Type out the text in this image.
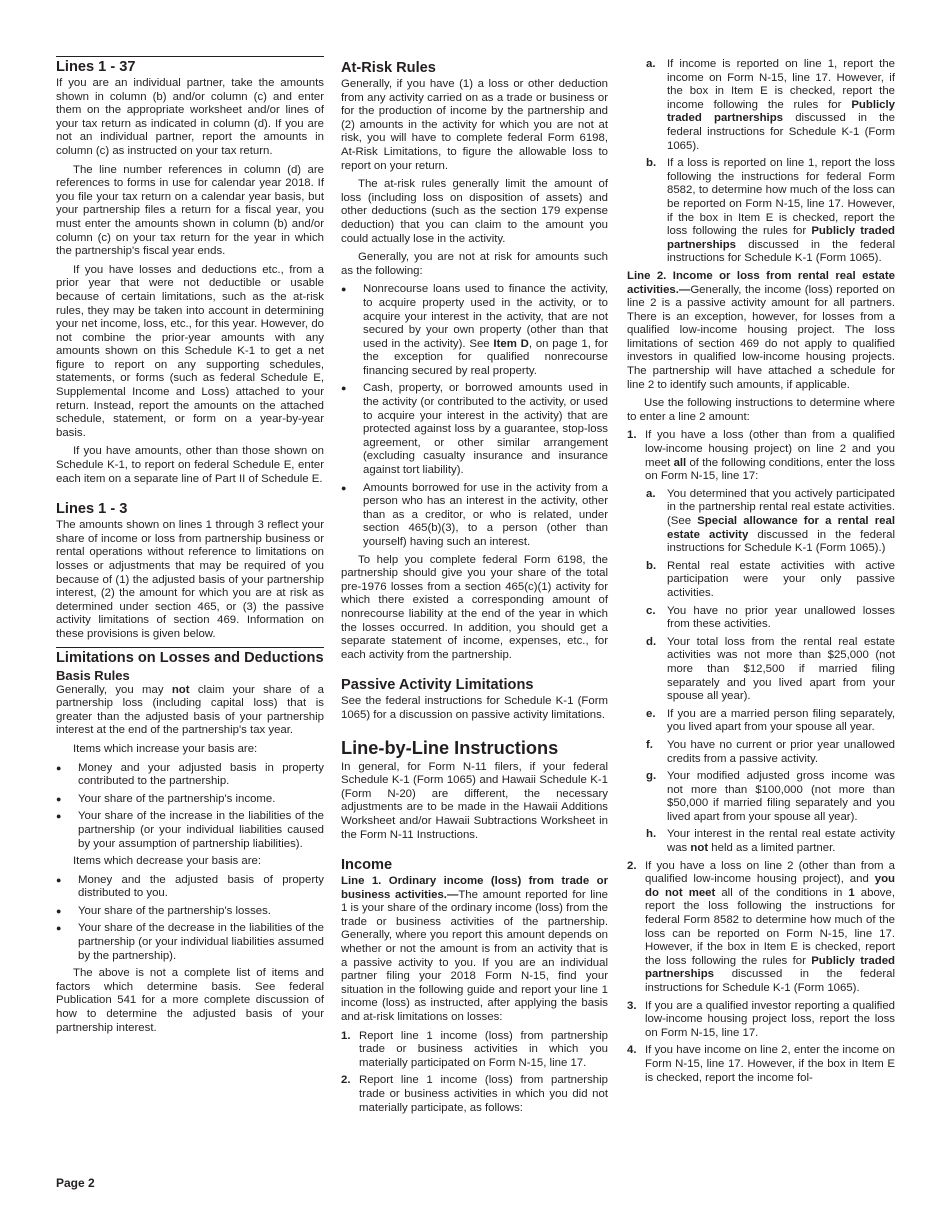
Lines 1 - 37

If you are an individual partner, take the amounts shown in column (b) and/or column (c) and enter them on the appropriate worksheet and/or lines of your tax return as indicated in column (d). If you are not an individual partner, report the amounts in column (c) as instructed on your tax return.

The line number references in column (d) are references to forms in use for calendar year 2018. If you file your tax return on a calendar year basis, but your partnership files a return for a fiscal year, you must enter the amounts shown in column (b) and/or column (c) on your tax return for the year in which the partnership's fiscal year ends.

If you have losses and deductions etc., from a prior year that were not deductible or usable because of certain limitations, such as the at-risk rules, they may be taken into account in determining your net income, loss, etc., for this year. However, do not combine the prior-year amounts with any amounts shown on this Schedule K-1 to get a net figure to report on any supporting schedules, statements, or forms (such as federal Schedule E, Supplemental Income and Loss) attached to your return. Instead, report the amounts on the attached schedule, statement, or form on a year-by-year basis.

If you have amounts, other than those shown on Schedule K-1, to report on federal Schedule E, enter each item on a separate line of Part II of Schedule E.

Lines 1 - 3

The amounts shown on lines 1 through 3 reflect your share of income or loss from partnership business or rental operations without reference to limitations on losses or adjustments that may be required of you because of (1) the adjusted basis of your partnership interest, (2) the amount for which you are at risk as determined under section 465, or (3) the passive activity limitations of section 469. Information on these provisions is given below.

Limitations on Losses and Deductions
Basis Rules

Generally, you may not claim your share of a partnership loss (including capital loss) that is greater than the adjusted basis of your partnership interest at the end of the partnership's tax year.

Items which increase your basis are:

● Money and your adjusted basis in property contributed to the partnership.
● Your share of the partnership's income.
● Your share of the increase in the liabilities of the partnership (or your individual liabilities caused by your assumption of partnership liabilities).

Items which decrease your basis are:

● Money and the adjusted basis of property distributed to you.
● Your share of the partnership's losses.
● Your share of the decrease in the liabilities of the partnership (or your individual liabilities assumed by the partnership).

The above is not a complete list of items and factors which determine basis. See federal Publication 541 for a more complete discussion of how to determine the adjusted basis of your partnership interest.

At-Risk Rules

Generally, if you have (1) a loss or other deduction from any activity carried on as a trade or business or for the production of income by the partnership and (2) amounts in the activity for which you are not at risk, you will have to complete federal Form 6198, At-Risk Limitations, to figure the allowable loss to report on your return.

The at-risk rules generally limit the amount of loss (including loss on disposition of assets) and other deductions (such as the section 179 expense deduction) that you can claim to the amount you could actually lose in the activity.

Generally, you are not at risk for amounts such as the following:

● Nonrecourse loans used to finance the activity, to acquire property used in the activity, or to acquire your interest in the activity, that are not secured by your own property (other than that used in the activity). See Item D, on page 1, for the exception for qualified nonrecourse financing secured by real property.
● Cash, property, or borrowed amounts used in the activity (or contributed to the activity, or used to acquire your interest in the activity) that are protected against loss by a guarantee, stop-loss agreement, or other similar arrangement (excluding casualty insurance and insurance against tort liability).
● Amounts borrowed for use in the activity from a person who has an interest in the activity, other than as a creditor, or who is related, under section 465(b)(3), to a person (other than yourself) having such an interest.

To help you complete federal Form 6198, the partnership should give you your share of the total pre-1976 losses from a section 465(c)(1) activity for which there existed a corresponding amount of nonrecourse liability at the end of the year in which the losses occurred. In addition, you should get a separate statement of income, expenses, etc., for each activity from the partnership.

Passive Activity Limitations

See the federal instructions for Schedule K-1 (Form 1065) for a discussion on passive activity limitations.

Line-by-Line Instructions

In general, for Form N-11 filers, if your federal Schedule K-1 (Form 1065) and Hawaii Schedule K-1 (Form N-20) are different, the necessary adjustments are to be made in the Hawaii Additions Worksheet and/or Hawaii Subtractions Worksheet in the Form N-11 Instructions.

Income

Line 1. Ordinary income (loss) from trade or business activities.—The amount reported for line 1 is your share of the ordinary income (loss) from the trade or business activities of the partnership. Generally, where you report this amount depends on whether or not the amount is from an activity that is a passive activity to you. If you are an individual partner filing your 2018 Form N-15, find your situation in the following guide and report your line 1 income (loss) as instructed, after applying the basis and at-risk limitations on losses:

1. Report line 1 income (loss) from partnership trade or business activities in which you materially participated on Form N-15, line 17.
2. Report line 1 income (loss) from partnership trade or business activities in which you did not materially participate, as follows:
a. If income is reported on line 1, report the income on Form N-15, line 17. However, if the box in Item E is checked, report the income following the rules for Publicly traded partnerships discussed in the federal instructions for Schedule K-1 (Form 1065).
b. If a loss is reported on line 1, report the loss following the instructions for federal Form 8582, to determine how much of the loss can be reported on Form N-15, line 17. However, if the box in Item E is checked, report the loss following the rules for Publicly traded partnerships discussed in the federal instructions for Schedule K-1 (Form 1065).

Line 2. Income or loss from rental real estate activities.—Generally, the income (loss) reported on line 2 is a passive activity amount for all partners. There is an exception, however, for losses from a qualified low-income housing project. The loss limitations of section 469 do not apply to qualified investors in qualified low-income housing projects. The partnership will have attached a schedule for line 2 to identify such amounts, if applicable.

Use the following instructions to determine where to enter a line 2 amount:

1. If you have a loss (other than from a qualified low-income housing project) on line 2 and you meet all of the following conditions, enter the loss on Form N-15, line 17:
a. You determined that you actively participated in the partnership rental real estate activities. (See Special allowance for a rental real estate activity discussed in the federal instructions for Schedule K-1 (Form 1065).)
b. Rental real estate activities with active participation were your only passive activities.
c. You have no prior year unallowed losses from these activities.
d. Your total loss from the rental real estate activities was not more than $25,000 (not more than $12,500 if married filing separately and you lived apart from your spouse all year).
e. If you are a married person filing separately, you lived apart from your spouse all year.
f. You have no current or prior year unallowed credits from a passive activity.
g. Your modified adjusted gross income was not more than $100,000 (not more than $50,000 if married filing separately and you lived apart from your spouse all year).
h. Your interest in the rental real estate activity was not held as a limited partner.
2. If you have a loss on line 2 (other than from a qualified low-income housing project), and you do not meet all of the conditions in 1 above, report the loss following the instructions for federal Form 8582 to determine how much of the loss can be reported on Form N-15, line 17. However, if the box in Item E is checked, report the loss following the rules for Publicly traded partnerships discussed in the federal instructions for Schedule K-1 (Form 1065).
3. If you are a qualified investor reporting a qualified low-income housing project loss, report the loss on Form N-15, line 17.
4. If you have income on line 2, enter the income on Form N-15, line 17. However, if the box in Item E is checked, report the income fol-
Page 2
